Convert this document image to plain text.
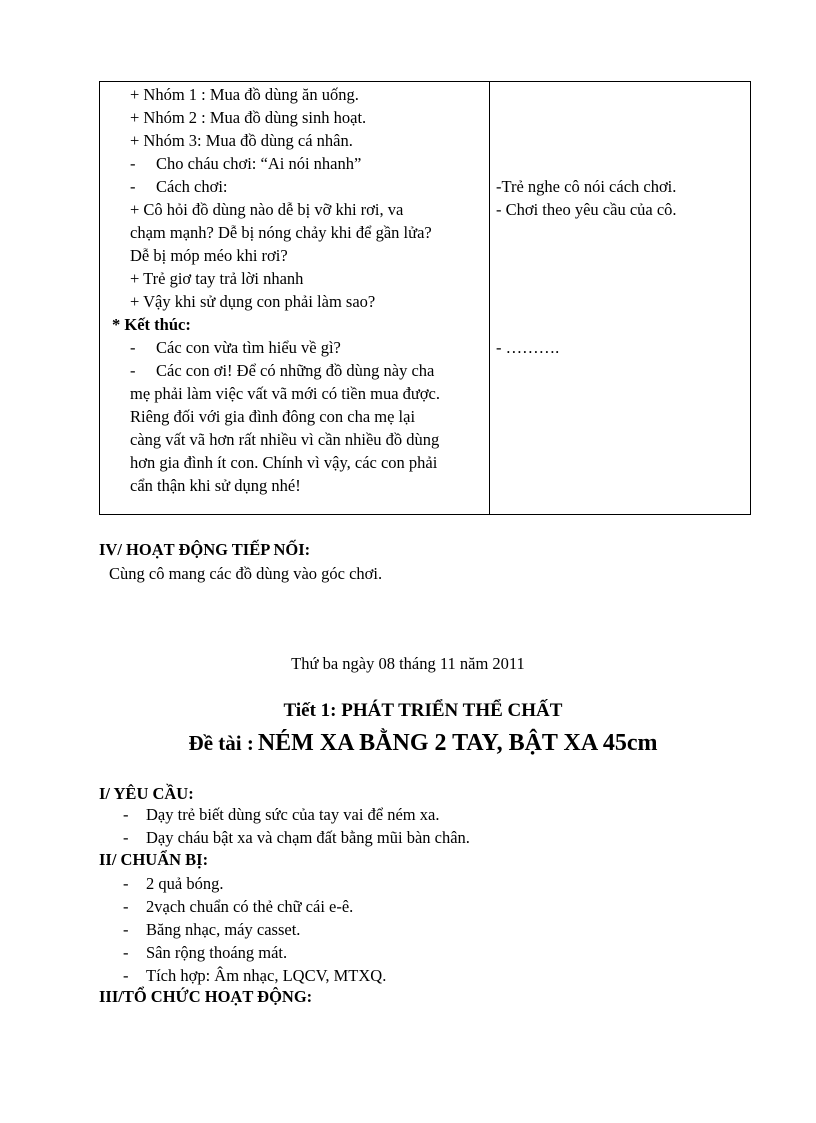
+ Nhóm 1 : Mua đồ dùng ăn uống.
+ Nhóm 2 : Mua đồ dùng sinh hoạt.
+ Nhóm 3: Mua đồ dùng cá nhân.
- Cho cháu chơi: “Ai nói nhanh”
- Cách chơi:
+ Cô hỏi đồ dùng nào dễ bị vỡ khi rơi, va
chạm mạnh? Dễ bị nóng chảy khi để gần lửa?
Dễ bị móp méo khi rơi?
+ Trẻ giơ tay trả lời nhanh
+ Vậy khi sử dụng con phải làm sao?
* Kết thúc:
- Các con vừa tìm hiểu về gì?
- Các con ơi! Để có những đồ dùng này cha
mẹ phải làm việc vất vã mới có tiền mua được.
Riêng đối với gia đình đông con cha mẹ lại
càng vất vã hơn rất nhiều vì cần nhiều đồ dùng
hơn gia đình ít con. Chính vì vậy, các con phải
cẩn thận khi sử dụng nhé!
-Trẻ nghe cô nói cách chơi.
- Chơi theo yêu cầu của cô.
- ……….
IV/ HOẠT ĐỘNG TIẾP NỐI:
Cùng cô mang các đồ dùng vào góc chơi.
Thứ ba ngày 08 tháng 11 năm 2011
Tiết 1: PHÁT TRIỂN THỂ CHẤT
Đề tài : NÉM XA BẰNG 2 TAY, BẬT XA 45cm
I/ YÊU CẦU:
- Dạy trẻ biết dùng sức của tay vai để ném xa.
- Dạy cháu bật xa và chạm đất bằng mũi bàn chân.
II/ CHUẨN BỊ:
- 2 quả bóng.
- 2vạch chuẩn có thẻ chữ cái e-ê.
- Băng nhạc, máy casset.
- Sân rộng thoáng mát.
- Tích hợp: Âm nhạc, LQCV, MTXQ.
III/TỔ CHỨC HOẠT ĐỘNG:
